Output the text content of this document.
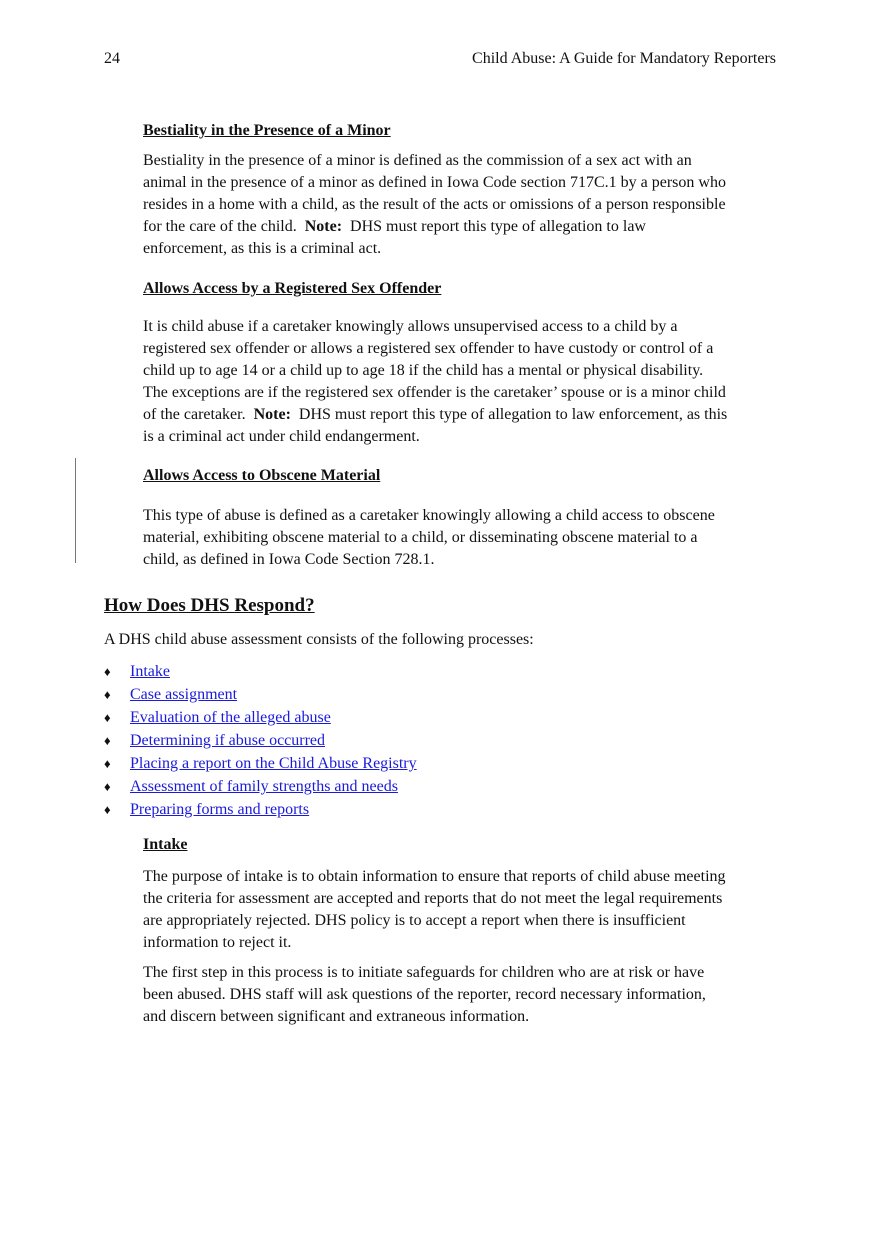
24	Child Abuse: A Guide for Mandatory Reporters
Bestiality in the Presence of a Minor
Bestiality in the presence of a minor is defined as the commission of a sex act with an
animal in the presence of a minor as defined in Iowa Code section 717C.1 by a person who
resides in a home with a child, as the result of the acts or omissions of a person responsible
for the care of the child.  Note:  DHS must report this type of allegation to law
enforcement, as this is a criminal act.
Allows Access by a Registered Sex Offender
It is child abuse if a caretaker knowingly allows unsupervised access to a child by a
registered sex offender or allows a registered sex offender to have custody or control of a
child up to age 14 or a child up to age 18 if the child has a mental or physical disability.
The exceptions are if the registered sex offender is the caretaker’ spouse or is a minor child
of the caretaker.  Note:  DHS must report this type of allegation to law enforcement, as this
is a criminal act under child endangerment.
Allows Access to Obscene Material
This type of abuse is defined as a caretaker knowingly allowing a child access to obscene
material, exhibiting obscene material to a child, or disseminating obscene material to a
child, as defined in Iowa Code Section 728.1.
How Does DHS Respond?
A DHS child abuse assessment consists of the following processes:
♦ Intake
♦ Case assignment
♦ Evaluation of the alleged abuse
♦ Determining if abuse occurred
♦ Placing a report on the Child Abuse Registry
♦ Assessment of family strengths and needs
♦ Preparing forms and reports
Intake
The purpose of intake is to obtain information to ensure that reports of child abuse meeting
the criteria for assessment are accepted and reports that do not meet the legal requirements
are appropriately rejected. DHS policy is to accept a report when there is insufficient
information to reject it.
The first step in this process is to initiate safeguards for children who are at risk or have
been abused. DHS staff will ask questions of the reporter, record necessary information,
and discern between significant and extraneous information.
